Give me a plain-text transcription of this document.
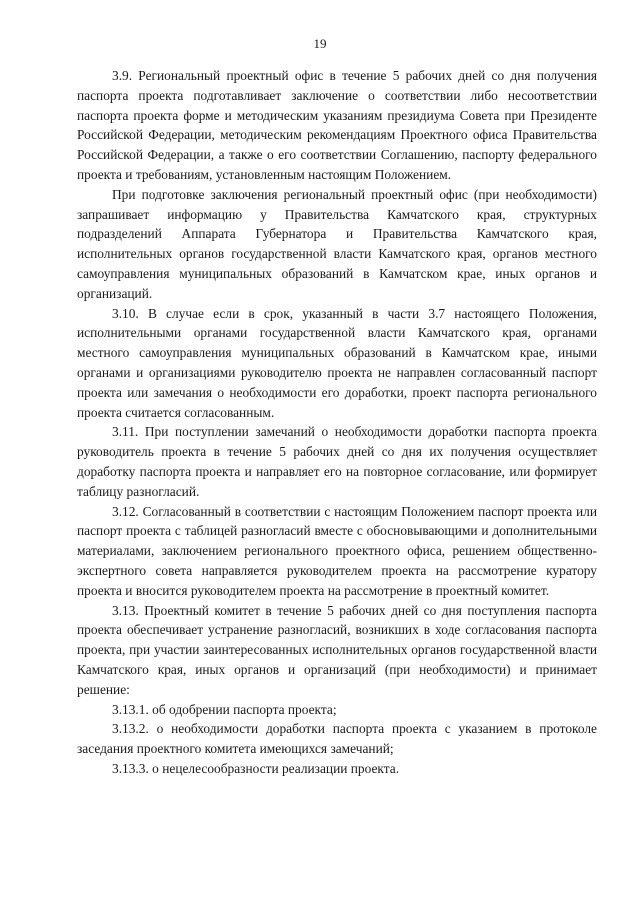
19

3.9. Региональный проектный офис в течение 5 рабочих дней со дня получения паспорта проекта подготавливает заключение о соответствии либо несоответствии паспорта проекта форме и методическим указаниям президиума Совета при Президенте Российской Федерации, методическим рекомендациям Проектного офиса Правительства Российской Федерации, а также о его соответствии Соглашению, паспорту федерального проекта и требованиям, установленным настоящим Положением.

При подготовке заключения региональный проектный офис (при необходимости) запрашивает информацию у Правительства Камчатского края, структурных подразделений Аппарата Губернатора и Правительства Камчатского края, исполнительных органов государственной власти Камчатского края, органов местного самоуправления муниципальных образований в Камчатском крае, иных органов и организаций.

3.10. В случае если в срок, указанный в части 3.7 настоящего Положения, исполнительными органами государственной власти Камчатского края, органами местного самоуправления муниципальных образований в Камчатском крае, иными органами и организациями руководителю проекта не направлен согласованный паспорт проекта или замечания о необходимости его доработки, проект паспорта регионального проекта считается согласованным.

3.11. При поступлении замечаний о необходимости доработки паспорта проекта руководитель проекта в течение 5 рабочих дней со дня их получения осуществляет доработку паспорта проекта и направляет его на повторное согласование, или формирует таблицу разногласий.

3.12. Согласованный в соответствии с настоящим Положением паспорт проекта или паспорт проекта с таблицей разногласий вместе с обосновывающими и дополнительными материалами, заключением регионального проектного офиса, решением общественно-экспертного совета направляется руководителем проекта на рассмотрение куратору проекта и вносится руководителем проекта на рассмотрение в проектный комитет.

3.13. Проектный комитет в течение 5 рабочих дней со дня поступления паспорта проекта обеспечивает устранение разногласий, возникших в ходе согласования паспорта проекта, при участии заинтересованных исполнительных органов государственной власти Камчатского края, иных органов и организаций (при необходимости) и принимает решение:

3.13.1. об одобрении паспорта проекта;

3.13.2. о необходимости доработки паспорта проекта с указанием в протоколе заседания проектного комитета имеющихся замечаний;

3.13.3. о нецелесообразности реализации проекта.
